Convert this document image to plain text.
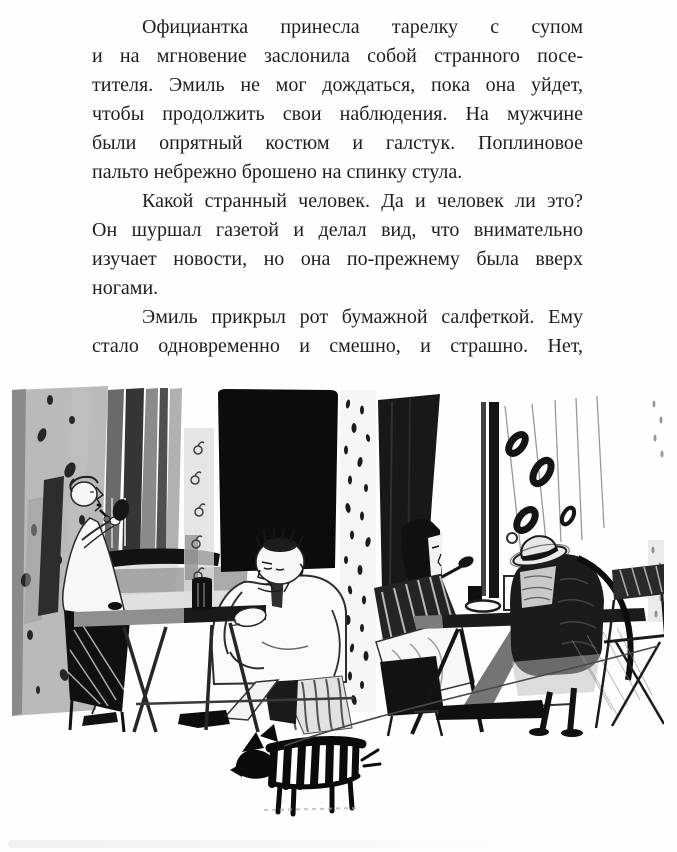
Официантка принесла тарелку с супом
и на мгновение заслонила собой странного посе-
тителя. Эмиль не мог дождаться, пока она уйдет,
чтобы продолжить свои наблюдения. На мужчине
были опрятный костюм и галстук. Поплиновое
пальто небрежно брошено на спинку стула.
Какой странный человек. Да и человек ли это?
Он шуршал газетой и делал вид, что внимательно
изучает новости, но она по-прежнему была вверх
ногами.
Эмиль прикрыл рот бумажной салфеткой. Ему
стало одновременно и смешно, и страшно. Нет,
